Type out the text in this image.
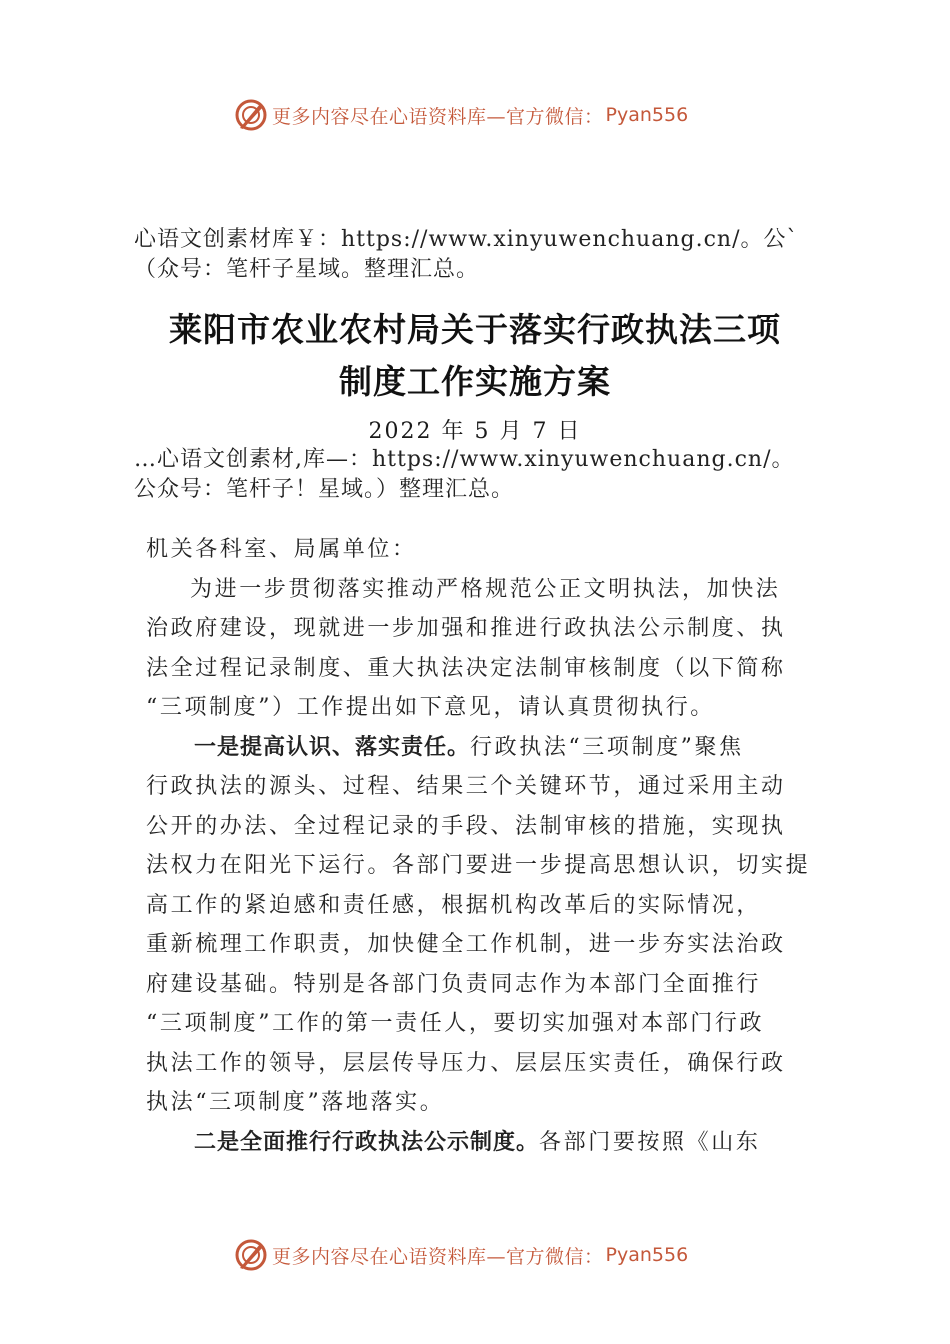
更多内容尽在心语资料库—官方微信： Pyan556
心语文创素材库￥：https://www.xinyuwenchuang.cn/。公`
（众号：笔杆子星域。整理汇总。
莱阳市农业农村局关于落实行政执法三项
制度工作实施方案
2022 年 5 月 7 日
…心语文创素材,库—：https://www.xinyuwenchuang.cn/。
公众号：笔杆子！星域。）整理汇总。
机关各科室、局属单位：
为进一步贯彻落实推动严格规范公正文明执法，加快法
治政府建设，现就进一步加强和推进行政执法公示制度、执
法全过程记录制度、重大执法决定法制审核制度（以下简称
“三项制度”）工作提出如下意见，请认真贯彻执行。
一是提高认识、落实责任。行政执法“三项制度”聚焦
行政执法的源头、过程、结果三个关键环节，通过采用主动
公开的办法、全过程记录的手段、法制审核的措施，实现执
法权力在阳光下运行。各部门要进一步提高思想认识，切实提
高工作的紧迫感和责任感，根据机构改革后的实际情况，
重新梳理工作职责，加快健全工作机制，进一步夯实法治政
府建设基础。特别是各部门负责同志作为本部门全面推行
“三项制度”工作的第一责任人，要切实加强对本部门行政
执法工作的领导，层层传导压力、层层压实责任，确保行政
执法“三项制度”落地落实。
二是全面推行行政执法公示制度。各部门要按照《山东
更多内容尽在心语资料库—官方微信： Pyan556
